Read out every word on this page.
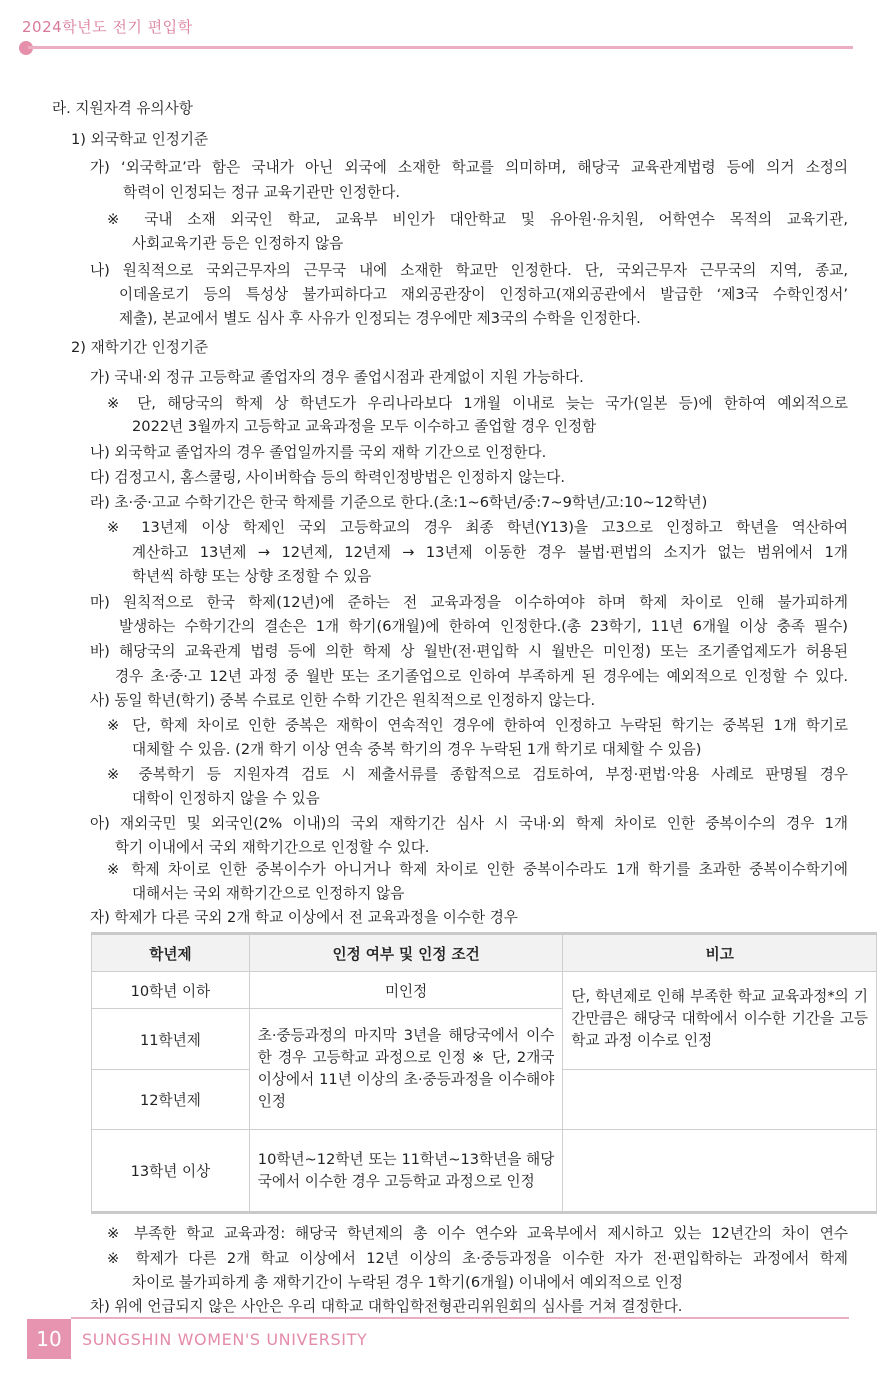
2024학년도 전기 편입학
라. 지원자격 유의사항
1) 외국학교 인정기준
가) ‘외국학교’라 함은 국내가 아닌 외국에 소재한 학교를 의미하며, 해당국 교육관계법령 등에 의거 소정의
학력이 인정되는 정규 교육기관만 인정한다.
※ 국내 소재 외국인 학교, 교육부 비인가 대안학교 및 유아원·유치원, 어학연수 목적의 교육기관,
사회교육기관 등은 인정하지 않음
나) 원칙적으로 국외근무자의 근무국 내에 소재한 학교만 인정한다. 단, 국외근무자 근무국의 지역, 종교,
이데올로기 등의 특성상 불가피하다고 재외공관장이 인정하고(재외공관에서 발급한 ‘제3국 수학인정서’
제출), 본교에서 별도 심사 후 사유가 인정되는 경우에만 제3국의 수학을 인정한다.
2) 재학기간 인정기준
가) 국내·외 정규 고등학교 졸업자의 경우 졸업시점과 관계없이 지원 가능하다.
※ 단, 해당국의 학제 상 학년도가 우리나라보다 1개월 이내로 늦는 국가(일본 등)에 한하여 예외적으로
2022년 3월까지 고등학교 교육과정을 모두 이수하고 졸업할 경우 인정함
나) 외국학교 졸업자의 경우 졸업일까지를 국외 재학 기간으로 인정한다.
다) 검정고시, 홈스쿨링, 사이버학습 등의 학력인정방법은 인정하지 않는다.
라) 초·중·고교 수학기간은 한국 학제를 기준으로 한다.(초:1~6학년/중:7~9학년/고:10~12학년)
※ 13년제 이상 학제인 국외 고등학교의 경우 최종 학년(Y13)을 고3으로 인정하고 학년을 역산하여
계산하고 13년제 → 12년제, 12년제 → 13년제 이동한 경우 불법·편법의 소지가 없는 범위에서 1개
학년씩 하향 또는 상향 조정할 수 있음
마) 원칙적으로 한국 학제(12년)에 준하는 전 교육과정을 이수하여야 하며 학제 차이로 인해 불가피하게
발생하는 수학기간의 결손은 1개 학기(6개월)에 한하여 인정한다.(총 23학기, 11년 6개월 이상 충족 필수)
바) 해당국의 교육관계 법령 등에 의한 학제 상 월반(전·편입학 시 월반은 미인정) 또는 조기졸업제도가 허용된
경우 초·중·고 12년 과정 중 월반 또는 조기졸업으로 인하여 부족하게 된 경우에는 예외적으로 인정할 수 있다.
사) 동일 학년(학기) 중복 수료로 인한 수학 기간은 원칙적으로 인정하지 않는다.
※ 단, 학제 차이로 인한 중복은 재학이 연속적인 경우에 한하여 인정하고 누락된 학기는 중복된 1개 학기로
대체할 수 있음. (2개 학기 이상 연속 중복 학기의 경우 누락된 1개 학기로 대체할 수 있음)
※ 중복학기 등 지원자격 검토 시 제출서류를 종합적으로 검토하여, 부정·편법·악용 사례로 판명될 경우
대학이 인정하지 않을 수 있음
아) 재외국민 및 외국인(2% 이내)의 국외 재학기간 심사 시 국내·외 학제 차이로 인한 중복이수의 경우 1개
학기 이내에서 국외 재학기간으로 인정할 수 있다.
※ 학제 차이로 인한 중복이수가 아니거나 학제 차이로 인한 중복이수라도 1개 학기를 초과한 중복이수학기에
대해서는 국외 재학기간으로 인정하지 않음
자) 학제가 다른 국외 2개 학교 이상에서 전 교육과정을 이수한 경우
학년제	인정 여부 및 인정 조건	비고
10학년 이하	미인정	단, 학년제로 인해 부족한 학교 교육과정*의 기간만큼은 해당국 대학에서 이수한 기간을 고등학교 과정 이수로 인정
11학년제	초·중등과정의 마지막 3년을 해당국에서 이수한 경우 고등학교 과정으로 인정 ※ 단, 2개국 이상에서 11년 이상의 초·중등과정을 이수해야 인정	
12학년제		
13학년 이상	10학년~12학년 또는 11학년~13학년을 해당국에서 이수한 경우 고등학교 과정으로 인정	
※ 부족한 학교 교육과정: 해당국 학년제의 총 이수 연수와 교육부에서 제시하고 있는 12년간의 차이 연수
※ 학제가 다른 2개 학교 이상에서 12년 이상의 초·중등과정을 이수한 자가 전·편입학하는 과정에서 학제
차이로 불가피하게 총 재학기간이 누락된 경우 1학기(6개월) 이내에서 예외적으로 인정
차) 위에 언급되지 않은 사안은 우리 대학교 대학입학전형관리위원회의 심사를 거쳐 결정한다.
10	SUNGSHIN WOMEN'S UNIVERSITY
